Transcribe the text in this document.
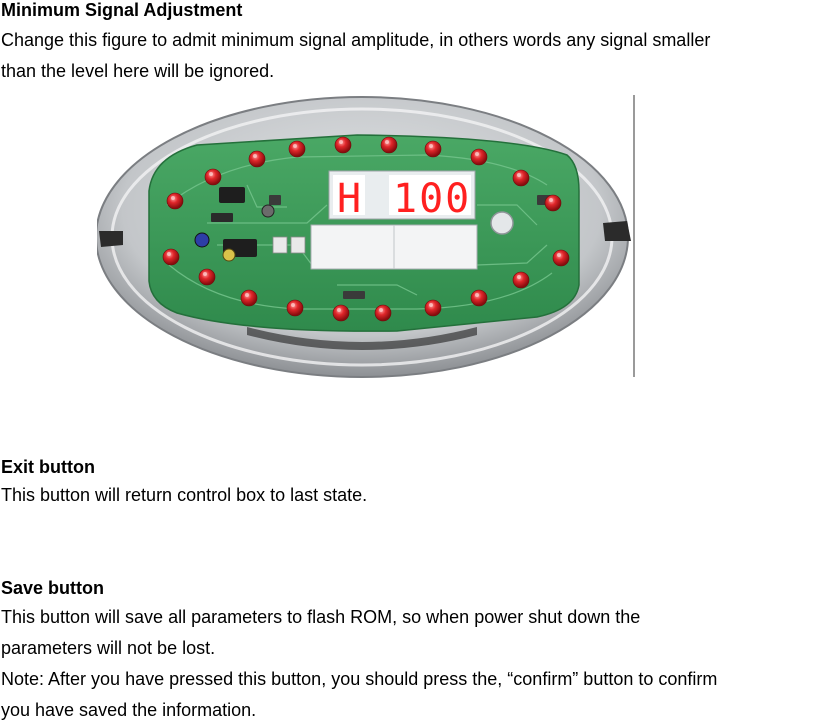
Minimum Signal Adjustment

Change this figure to admit minimum signal amplitude, in others words any signal smaller
than the level here will be ignored.

H 100
Exit button

This button will return control box to last state.

Save button

This button will save all parameters to flash ROM, so when power shut down the
parameters will not be lost.
Note: After you have pressed this button, you should press the, “confirm” button to confirm
you have saved the information.
